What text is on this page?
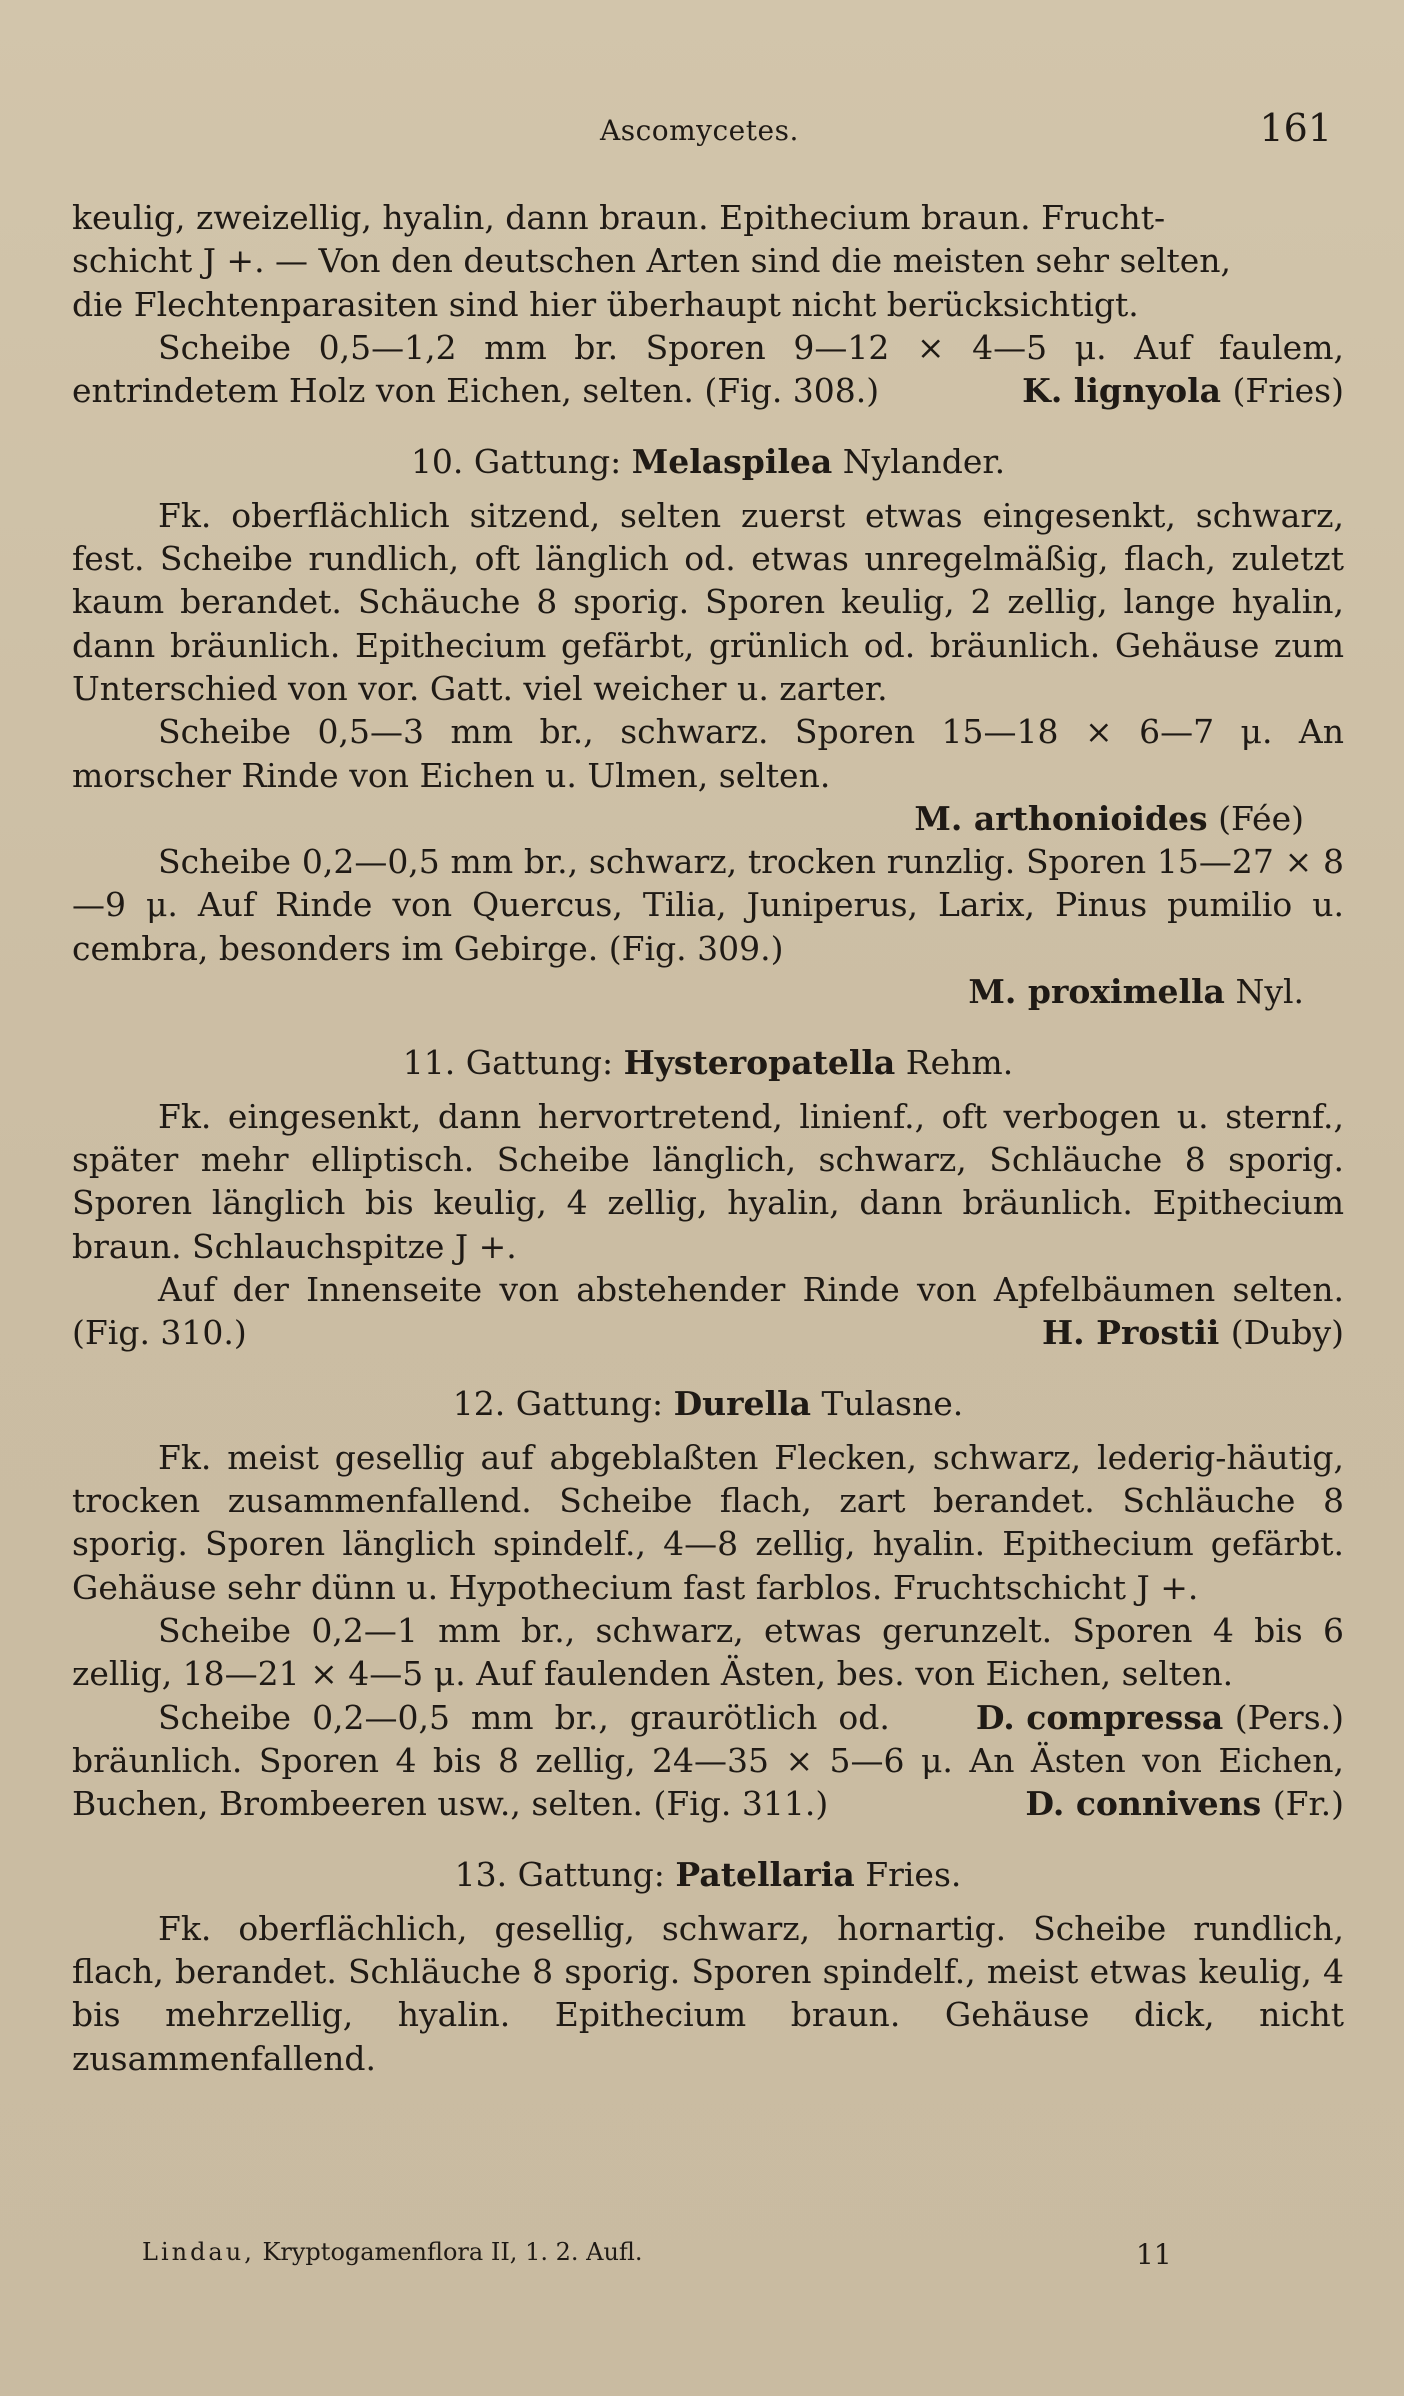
Ascomycetes.	161

keulig, zweizellig, hyalin, dann braun. Epithecium braun. Frucht-

schicht J +. — Von den deutschen Arten sind die meisten sehr selten,

die Flechtenparasiten sind hier überhaupt nicht berücksichtigt.

Scheibe 0,5—1,2 mm br. Sporen 9—12 × 4—5 μ. Auf faulem, entrindetem Holz von Eichen, selten. (Fig. 308.)	K. lignyola (Fries)

10. Gattung: Melaspilea Nylander.

Fk. oberflächlich sitzend, selten zuerst etwas eingesenkt, schwarz, fest. Scheibe rundlich, oft länglich od. etwas unregelmäßig, flach, zuletzt kaum berandet. Schäuche 8 sporig. Sporen keulig, 2 zellig, lange hyalin, dann bräunlich. Epithecium gefärbt, grünlich od. bräunlich. Gehäuse zum Unterschied von vor. Gatt. viel weicher u. zarter.

Scheibe 0,5—3 mm br., schwarz. Sporen 15—18 × 6—7 μ. An morscher Rinde von Eichen u. Ulmen, selten.

M. arthonioides (Fée)

Scheibe 0,2—0,5 mm br., schwarz, trocken runzlig. Sporen 15—27 × 8—9 μ. Auf Rinde von Quercus, Tilia, Juniperus, Larix, Pinus pumilio u. cembra, besonders im Gebirge. (Fig. 309.)

M. proximella Nyl.

11. Gattung: Hysteropatella Rehm.

Fk. eingesenkt, dann hervortretend, linienf., oft verbogen u. sternf., später mehr elliptisch. Scheibe länglich, schwarz, Schläuche 8 sporig. Sporen länglich bis keulig, 4 zellig, hyalin, dann bräunlich. Epithecium braun. Schlauchspitze J +.

Auf der Innenseite von abstehender Rinde von Apfelbäumen selten. (Fig. 310.)	H. Prostii (Duby)

12. Gattung: Durella Tulasne.

Fk. meist gesellig auf abgeblaßten Flecken, schwarz, lederig-häutig, trocken zusammenfallend. Scheibe flach, zart berandet. Schläuche 8 sporig. Sporen länglich spindelf., 4—8 zellig, hyalin. Epithecium gefärbt. Gehäuse sehr dünn u. Hypothecium fast farblos. Fruchtschicht J +.

Scheibe 0,2—1 mm br., schwarz, etwas gerunzelt. Sporen 4 bis 6 zellig, 18—21 × 4—5 μ. Auf faulenden Ästen, bes. von Eichen, selten.
D. compressa (Pers.)

Scheibe 0,2—0,5 mm br., graurötlich od. bräunlich. Sporen 4 bis 8 zellig, 24—35 × 5—6 μ. An Ästen von Eichen, Buchen, Brombeeren usw., selten. (Fig. 311.)	D. connivens (Fr.)

13. Gattung: Patellaria Fries.

Fk. oberflächlich, gesellig, schwarz, hornartig. Scheibe rundlich, flach, berandet. Schläuche 8 sporig. Sporen spindelf., meist etwas keulig, 4 bis mehrzellig, hyalin. Epithecium braun. Gehäuse dick, nicht zusammenfallend.

Lindau, Kryptogamenflora II, 1. 2. Aufl.	11
